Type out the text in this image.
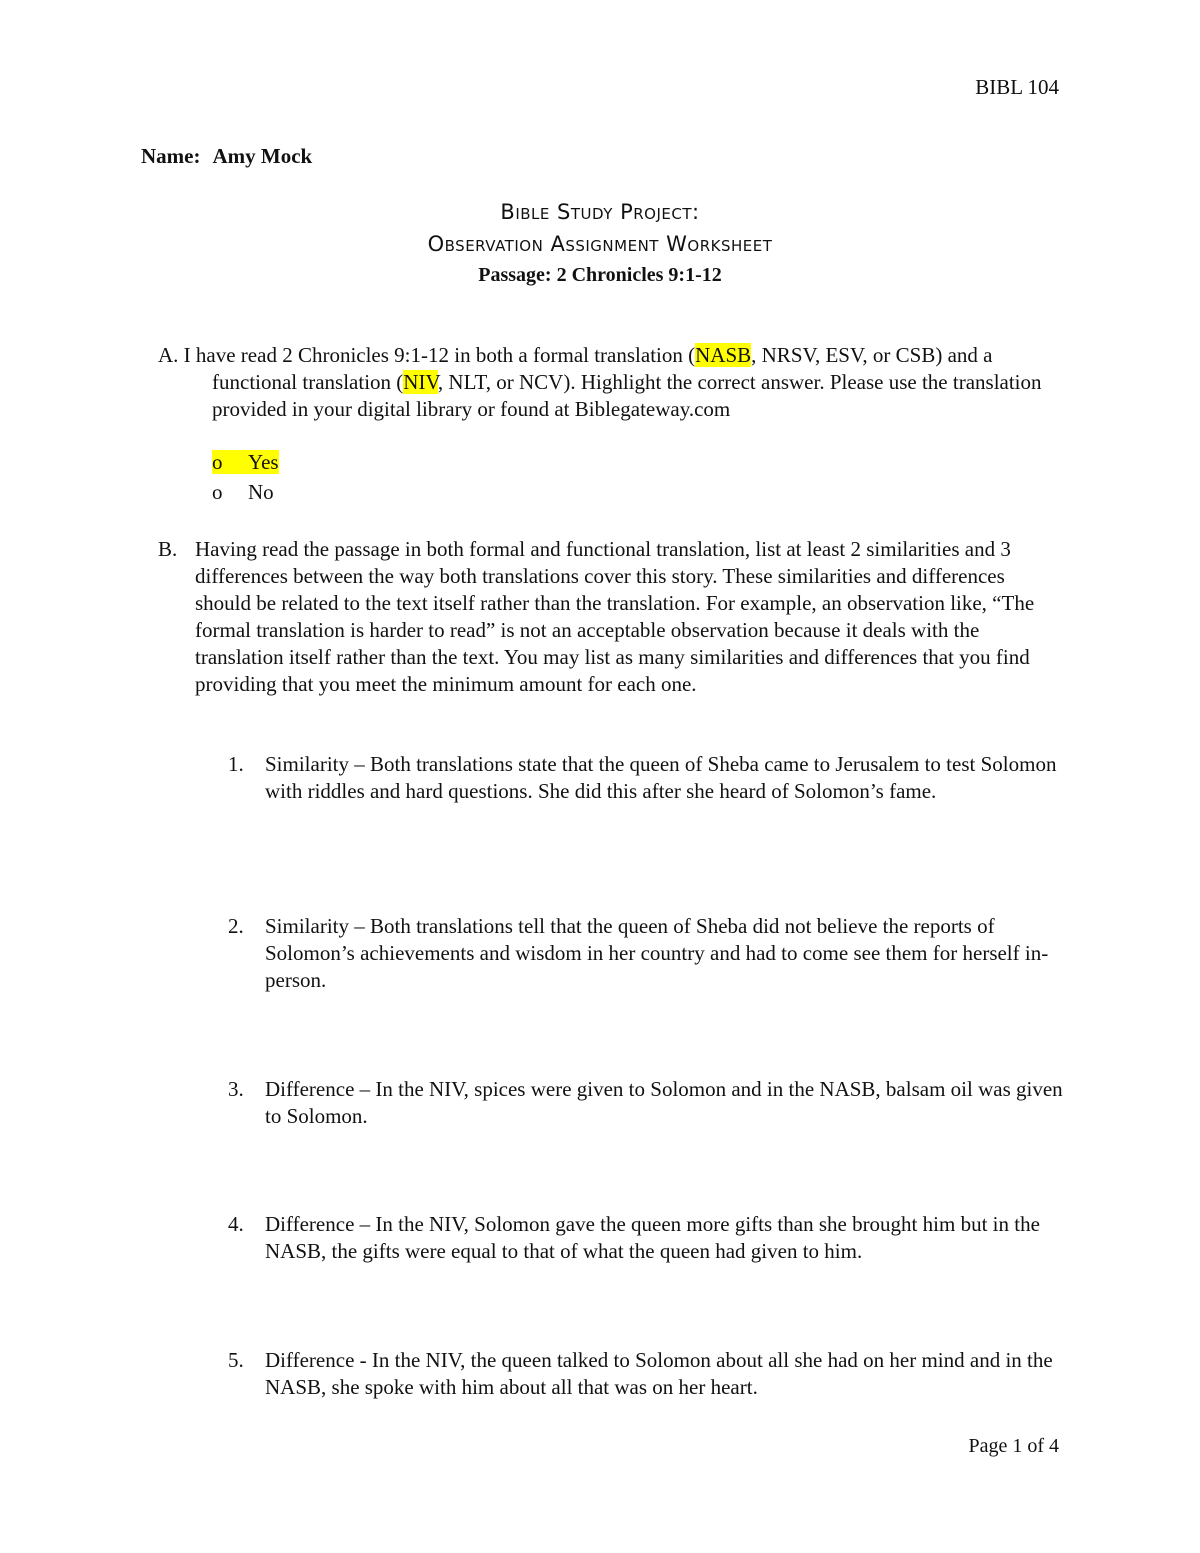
BIBL 104
Name: Amy Mock
Bible Study Project:
Observation Assignment Worksheet
Passage: 2 Chronicles 9:1-12

A. I have read 2 Chronicles 9:1-12 in both a formal translation (NASB, NRSV, ESV, or CSB) and a functional translation (NIV, NLT, or NCV). Highlight the correct answer. Please use the translation provided in your digital library or found at Biblegateway.com

o Yes
o No
B. Having read the passage in both formal and functional translation, list at least 2 similarities and 3 differences between the way both translations cover this story. These similarities and differences should be related to the text itself rather than the translation. For example, an observation like, “The formal translation is harder to read” is not an acceptable observation because it deals with the translation itself rather than the text. You may list as many similarities and differences that you find providing that you meet the minimum amount for each one.
1. Similarity – Both translations state that the queen of Sheba came to Jerusalem to test Solomon with riddles and hard questions. She did this after she heard of Solomon’s fame.
2. Similarity – Both translations tell that the queen of Sheba did not believe the reports of Solomon’s achievements and wisdom in her country and had to come see them for herself in-person.
3. Difference – In the NIV, spices were given to Solomon and in the NASB, balsam oil was given to Solomon.
4. Difference – In the NIV, Solomon gave the queen more gifts than she brought him but in the NASB, the gifts were equal to that of what the queen had given to him.
5. Difference - In the NIV, the queen talked to Solomon about all she had on her mind and in the NASB, she spoke with him about all that was on her heart.
Page 1 of 4
